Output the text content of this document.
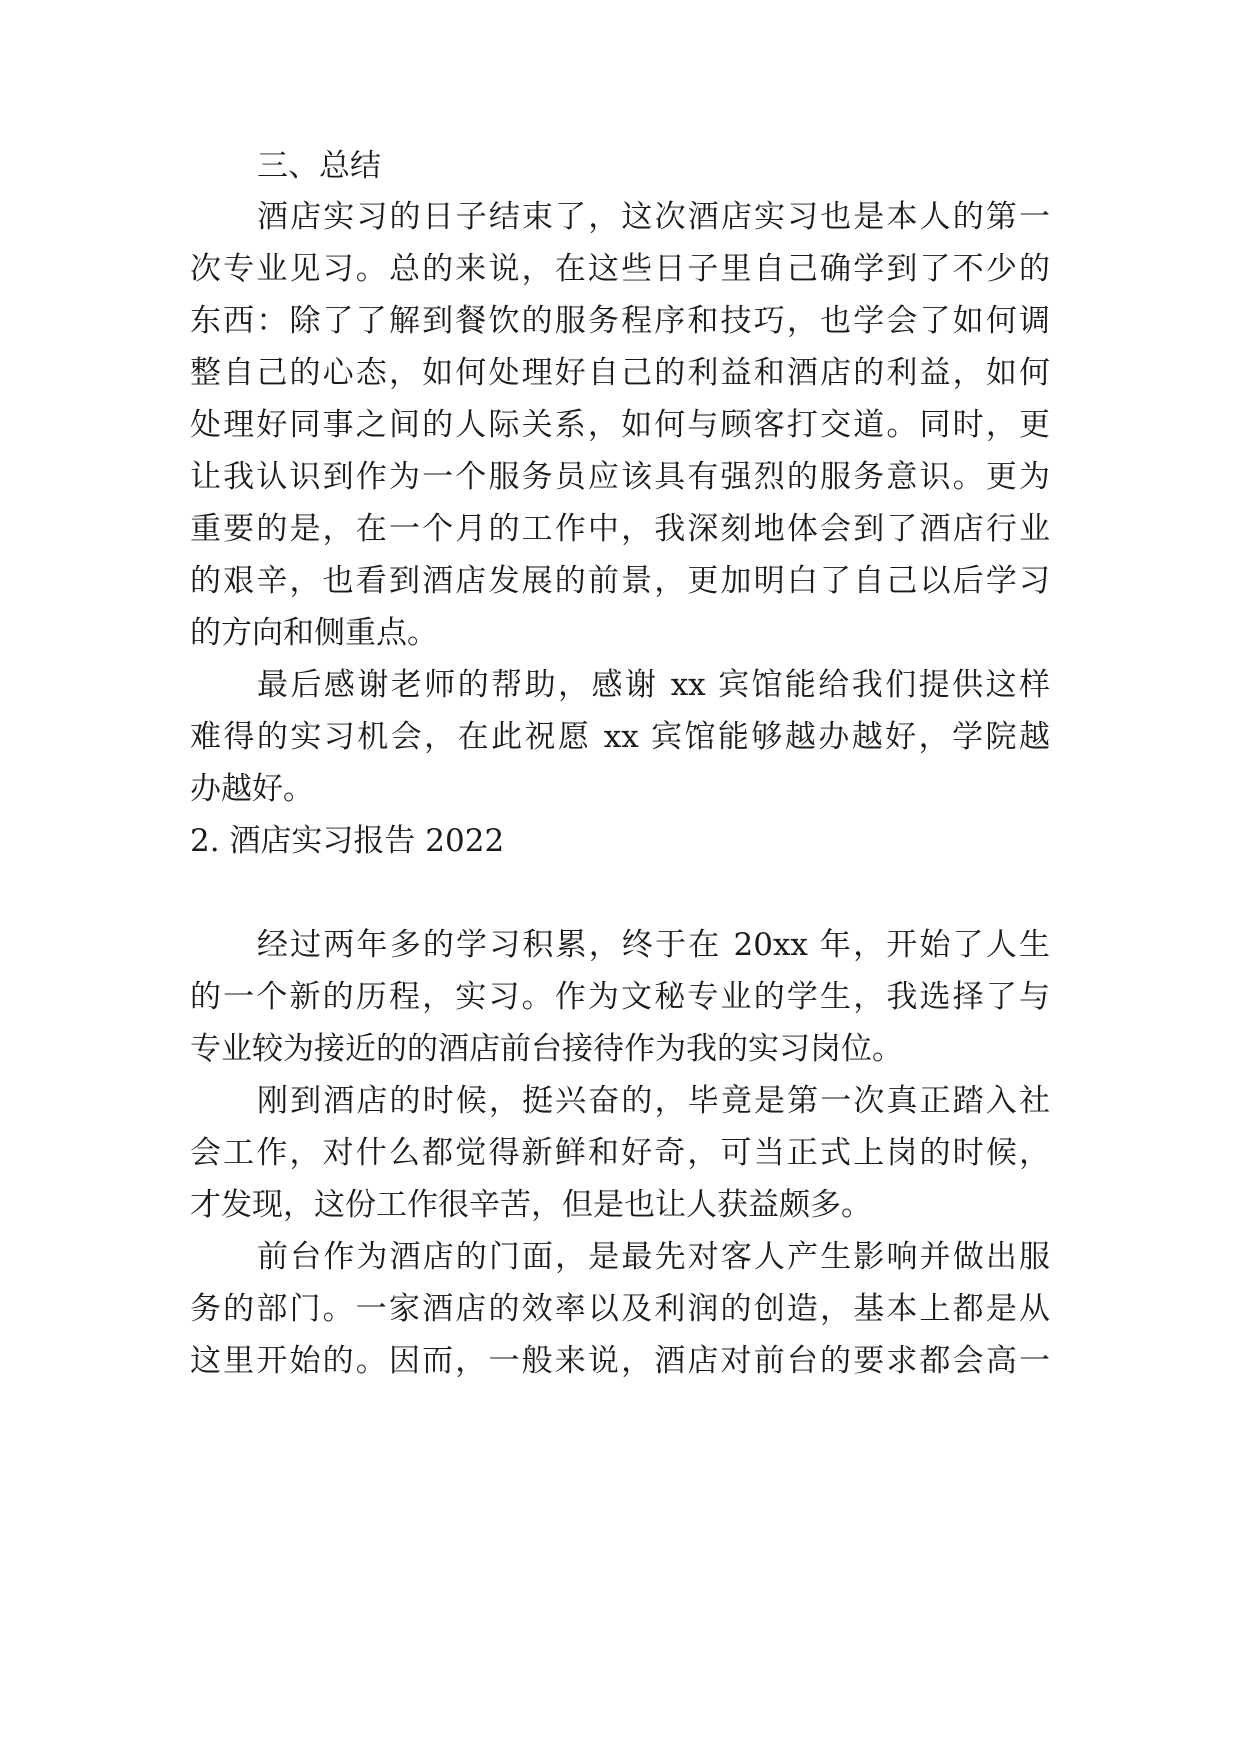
三、总结
酒店实习的日子结束了，这次酒店实习也是本人的第一
次专业见习。总的来说，在这些日子里自己确学到了不少的
东西：除了了解到餐饮的服务程序和技巧，也学会了如何调
整自己的心态，如何处理好自己的利益和酒店的利益，如何
处理好同事之间的人际关系，如何与顾客打交道。同时，更
让我认识到作为一个服务员应该具有强烈的服务意识。更为
重要的是，在一个月的工作中，我深刻地体会到了酒店行业
的艰辛，也看到酒店发展的前景，更加明白了自己以后学习
的方向和侧重点。
最后感谢老师的帮助，感谢 xx 宾馆能给我们提供这样
难得的实习机会，在此祝愿 xx 宾馆能够越办越好，学院越
办越好。
2. 酒店实习报告 2022
经过两年多的学习积累，终于在 20xx 年，开始了人生
的一个新的历程，实习。作为文秘专业的学生，我选择了与
专业较为接近的的酒店前台接待作为我的实习岗位。
刚到酒店的时候，挺兴奋的，毕竟是第一次真正踏入社
会工作，对什么都觉得新鲜和好奇，可当正式上岗的时候，
才发现，这份工作很辛苦，但是也让人获益颇多。
前台作为酒店的门面，是最先对客人产生影响并做出服
务的部门。一家酒店的效率以及利润的创造，基本上都是从
这里开始的。因而，一般来说，酒店对前台的要求都会高一
